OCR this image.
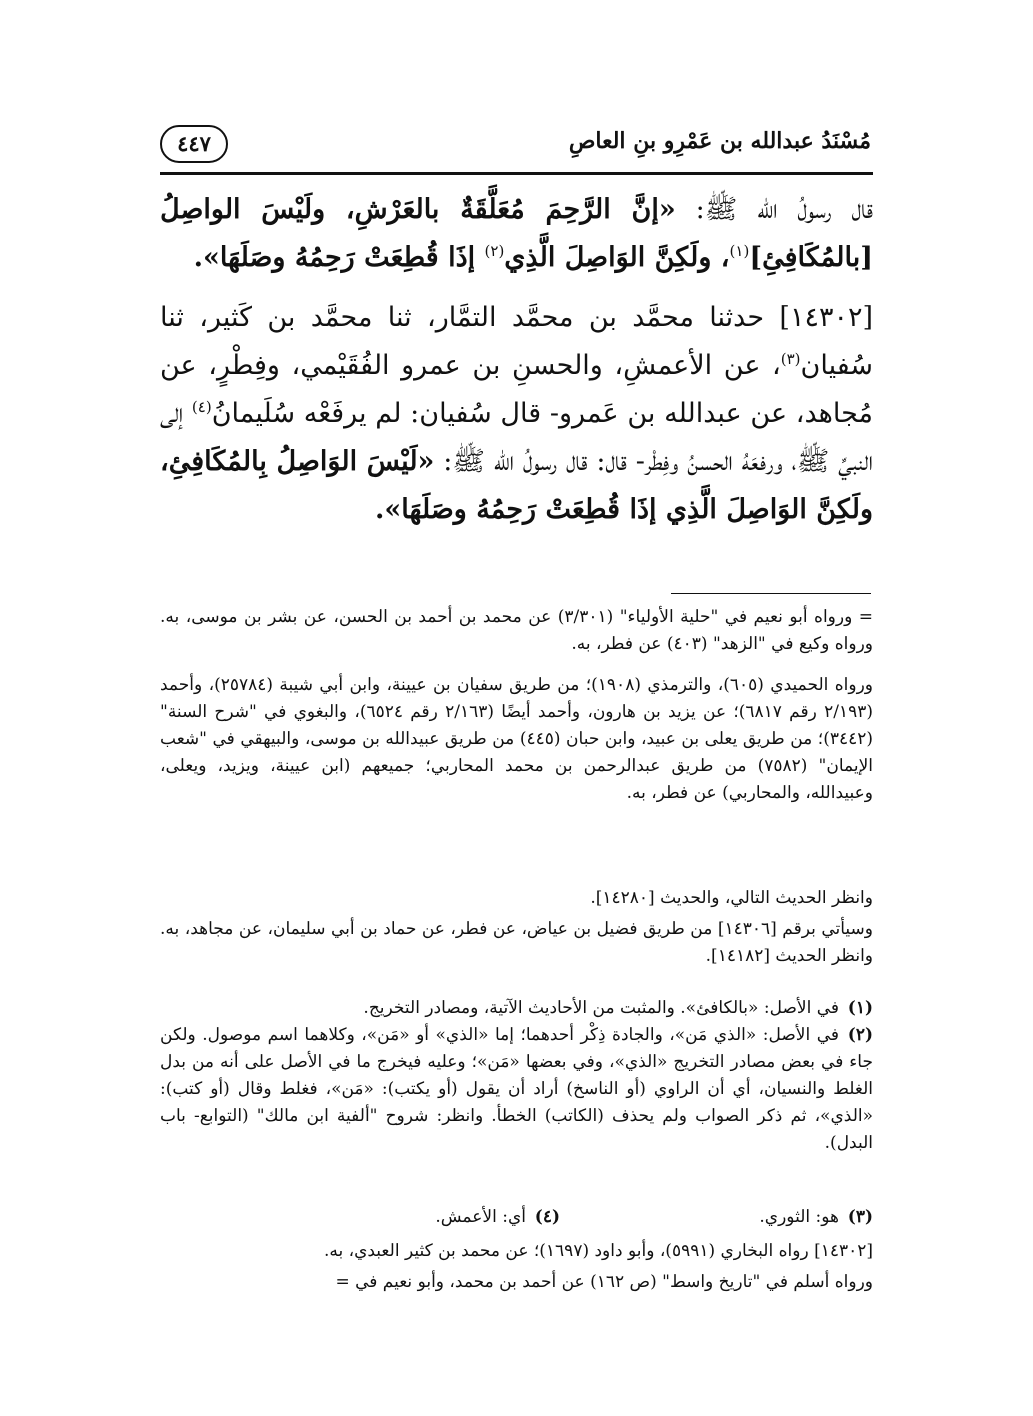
مُسْنَدُ عبدالله بن عَمْرِو بنِ العاصِ
٤٤٧

قال رسولُ الله ﷺ: «إنَّ الرَّحِمَ مُعَلَّقَةٌ بالعَرْشِ، ولَيْسَ الواصِلُ [بالمُكَافِئِ]$^{(١)}$، ولَكِنَّ الوَاصِلَ الَّذِي$^{(٢)}$ إذَا قُطِعَتْ رَحِمُهُ وصَلَهَا».

[١٤٣٠٢] حدثنا محمَّد بن محمَّد التمَّار، ثنا محمَّد بن كَثير، ثنا سُفيان$^{(٣)}$، عن الأعمشِ، والحسنِ بن عمرو الفُقَيْمي، وفِطْرٍ، عن مُجاهد، عن عبدالله بن عَمرو- قال سُفيان: لم يرفَعْه سُلَيمانُ$^{(٤)}$ إلى النبيِّ ﷺ، ورفعَهُ الحسنُ وفِطْر- قال: قال رسولُ الله ﷺ: «لَيْسَ الوَاصِلُ بِالمُكَافِئِ، ولَكِنَّ الوَاصِلَ الَّذِي إذَا قُطِعَتْ رَحِمُهُ وصَلَهَا».

= ورواه أبو نعيم في "حلية الأولياء" (٣/٣٠١) عن محمد بن أحمد بن الحسن، عن بشر بن موسى، به. ورواه وكيع في "الزهد" (٤٠٣) عن فطر، به.
ورواه الحميدي (٦٠٥)، والترمذي (١٩٠٨)؛ من طريق سفيان بن عيينة، وابن أبي شيبة (٢٥٧٨٤)، وأحمد (٢/١٩٣ رقم ٦٨١٧)؛ عن يزيد بن هارون، وأحمد أيضًا (٢/١٦٣ رقم ٦٥٢٤)، والبغوي في "شرح السنة" (٣٤٤٢)؛ من طريق يعلى بن عبيد، وابن حبان (٤٤٥) من طريق عبيدالله بن موسى، والبيهقي في "شعب الإيمان" (٧٥٨٢) من طريق عبدالرحمن بن محمد المحاربي؛ جميعهم (ابن عيينة، ويزيد، ويعلى، وعبيدالله، والمحاربي) عن فطر، به.
وانظر الحديث التالي، والحديث [١٤٢٨٠].
وسيأتي برقم [١٤٣٠٦] من طريق فضيل بن عياض، عن فطر، عن حماد بن أبي سليمان، عن مجاهد، به. وانظر الحديث [١٤١٨٢].
(١)في الأصل: «بالكافئ». والمثبت من الأحاديث الآتية، ومصادر التخريج.
(٢)في الأصل: «الذي مَن»، والجادة ذِكْر أحدهما؛ إما «الذي» أو «مَن»، وكلاهما اسم موصول. ولكن جاء في بعض مصادر التخريج «الذي»، وفي بعضها «مَن»؛ وعليه فيخرج ما في الأصل على أنه من بدل الغلط والنسيان، أي أن الراوي (أو الناسخ) أراد أن يقول (أو يكتب): «مَن»، فغلط وقال (أو كتب): «الذي»، ثم ذكر الصواب ولم يحذف (الكاتب) الخطأ. وانظر: شروح "ألفية ابن مالك" (التوابع- باب البدل).
(٣)هو: الثوري.
(٤)أي: الأعمش.
[١٤٣٠٢] رواه البخاري (٥٩٩١)، وأبو داود (١٦٩٧)؛ عن محمد بن كثير العبدي، به.
ورواه أسلم في "تاريخ واسط" (ص ١٦٢) عن أحمد بن محمد، وأبو نعيم في =
